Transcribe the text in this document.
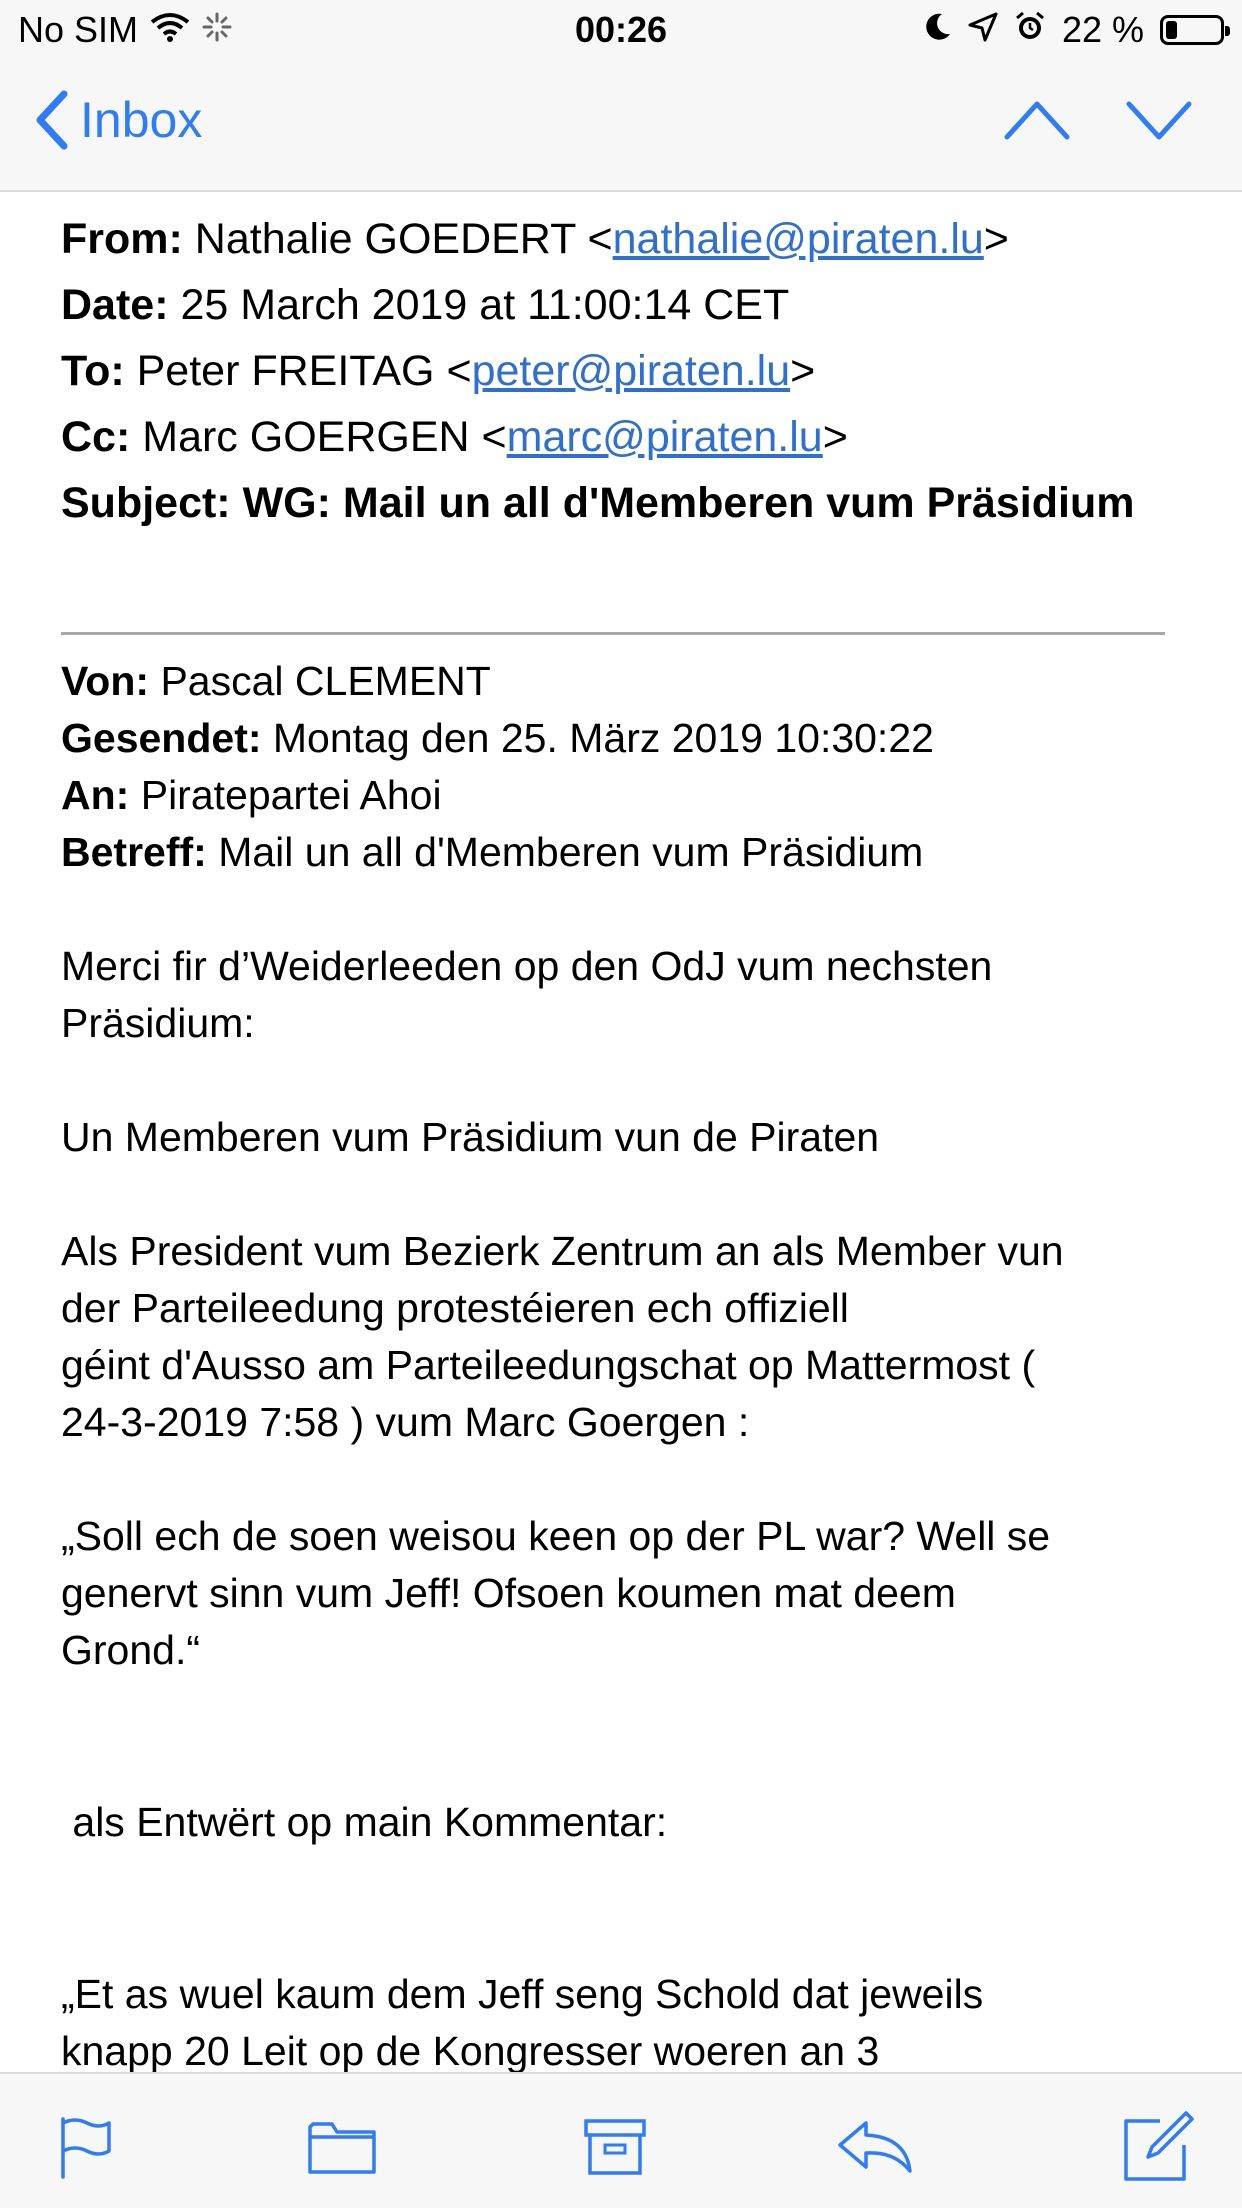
No SIM	00:26	22 %
Inbox
From: Nathalie GOEDERT <nathalie@piraten.lu>
Date: 25 March 2019 at 11:00:14 CET
To: Peter FREITAG <peter@piraten.lu>
Cc: Marc GOERGEN <marc@piraten.lu>
Subject: WG: Mail un all d'Memberen vum Präsidium
Von: Pascal CLEMENT
Gesendet: Montag den 25. März 2019 10:30:22
An: Piratepartei Ahoi
Betreff: Mail un all d'Memberen vum Präsidium

Merci fir d’Weiderleeden op den OdJ vum nechsten

Präsidium:

Un Memberen vum Präsidium vun de Piraten

Als President vum Bezierk Zentrum an als Member vun

der Parteileedung protestéieren ech offiziell

géint d'Ausso am Parteileedungschat op Mattermost (

24-3-2019 7:58 ) vum Marc Goergen :

„Soll ech de soen weisou keen op der PL war? Well se

genervt sinn vum Jeff! Ofsoen koumen mat deem

Grond.“

als Entwërt op main Kommentar:

„Et as wuel kaum dem Jeff seng Schold dat jeweils

knapp 20 Leit op de Kongresser woeren an 3
